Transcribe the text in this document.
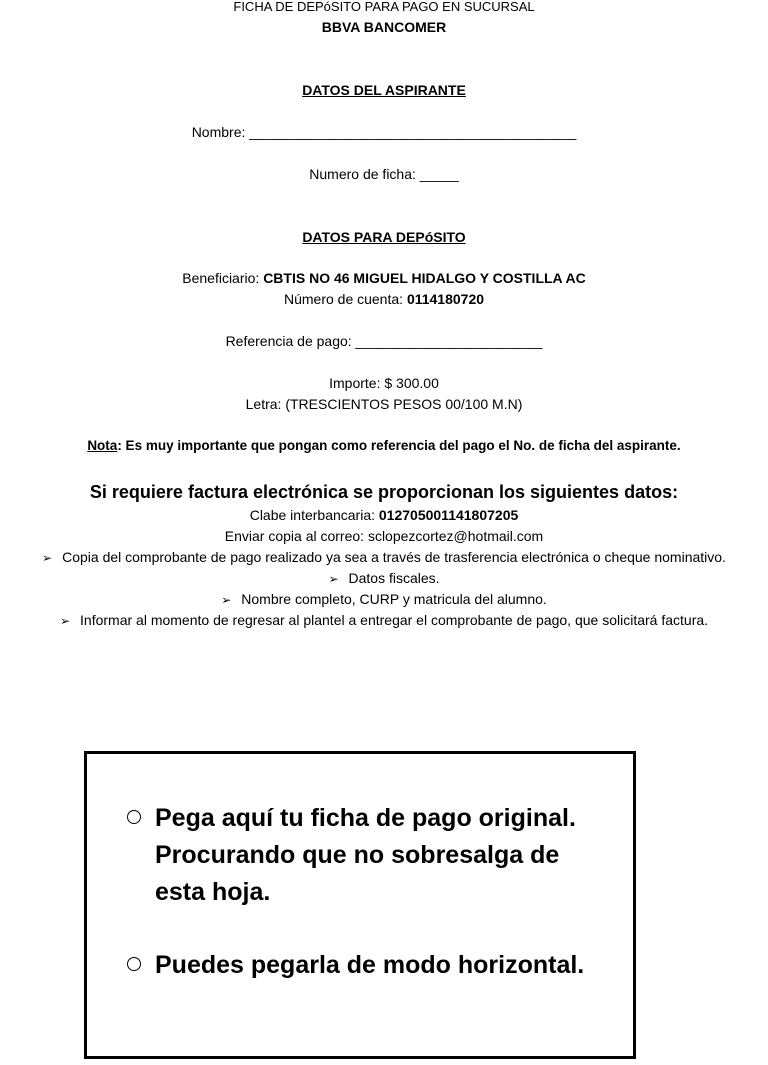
FICHA DE DEPóSITO PARA PAGO EN SUCURSAL
BBVA BANCOMER
DATOS DEL ASPIRANTE
Nombre: __________________________________________
Numero de ficha: _____
DATOS PARA DEPóSITO
Beneficiario: CBTIS NO 46 MIGUEL HIDALGO Y COSTILLA AC
Número de cuenta: 0114180720
Referencia de pago: ________________________
Importe: $ 300.00
Letra: (TRESCIENTOS PESOS 00/100 M.N)
Nota: Es muy importante que pongan como referencia del pago el No. de ficha del aspirante.
Si requiere factura electrónica se proporcionan los siguientes datos:
Clabe interbancaria: 012705001141807205
Enviar copia al correo: sclopezcortez@hotmail.com
➢ Copia del comprobante de pago realizado ya sea a través de trasferencia electrónica o cheque nominativo.
➢ Datos fiscales.
➢ Nombre completo, CURP y matricula del alumno.
➢ Informar al momento de regresar al plantel a entregar el comprobante de pago, que solicitará factura.
Pega aquí tu ficha de pago original. Procurando que no sobresalga de esta hoja.
Puedes pegarla de modo horizontal.
